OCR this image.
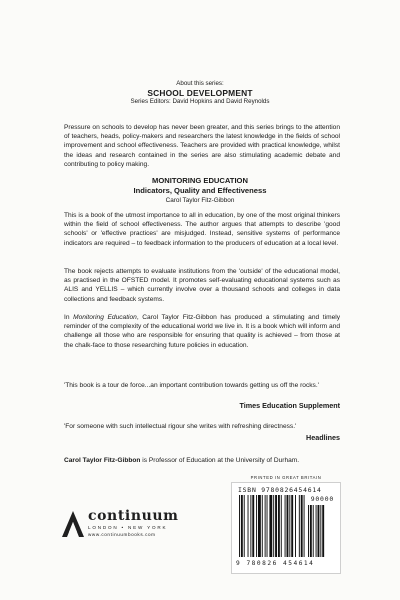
About this series:
SCHOOL DEVELOPMENT
Series Editors: David Hopkins and David Reynolds

Pressure on schools to develop has never been greater, and this series brings to the attention of teachers, heads, policy-makers and researchers the latest knowledge in the fields of school improvement and school effectiveness. Teachers are provided with practical knowledge, whilst the ideas and research contained in the series are also stimulating academic debate and contributing to policy making.

MONITORING EDUCATION
Indicators, Quality and Effectiveness
Carol Taylor Fitz-Gibbon

This is a book of the utmost importance to all in education, by one of the most original thinkers within the field of school effectiveness. The author argues that attempts to describe 'good schools' or 'effective practices' are misjudged. Instead, sensitive systems of performance indicators are required – to feedback information to the producers of education at a local level.

The book rejects attempts to evaluate institutions from the 'outside' of the educational model, as practised in the OFSTED model. It promotes self-evaluating educational systems such as ALIS and YELLIS – which currently involve over a thousand schools and colleges in data collections and feedback systems.

In Monitoring Education, Carol Taylor Fitz-Gibbon has produced a stimulating and timely reminder of the complexity of the educational world we live in. It is a book which will inform and challenge all those who are responsible for ensuring that quality is achieved – from those at the chalk-face to those researching future policies in education.

'This book is a tour de force...an important contribution towards getting us off the rocks.'
Times Education Supplement
'For someone with such intellectual rigour she writes with refreshing directness.'
Headlines
Carol Taylor Fitz-Gibbon is Professor of Education at the University of Durham.
continuum
LONDON • NEW YORK
www.continuumbooks.com
PRINTED IN GREAT BRITAIN
ISBN 9780826454614
90000
9 780826 454614
